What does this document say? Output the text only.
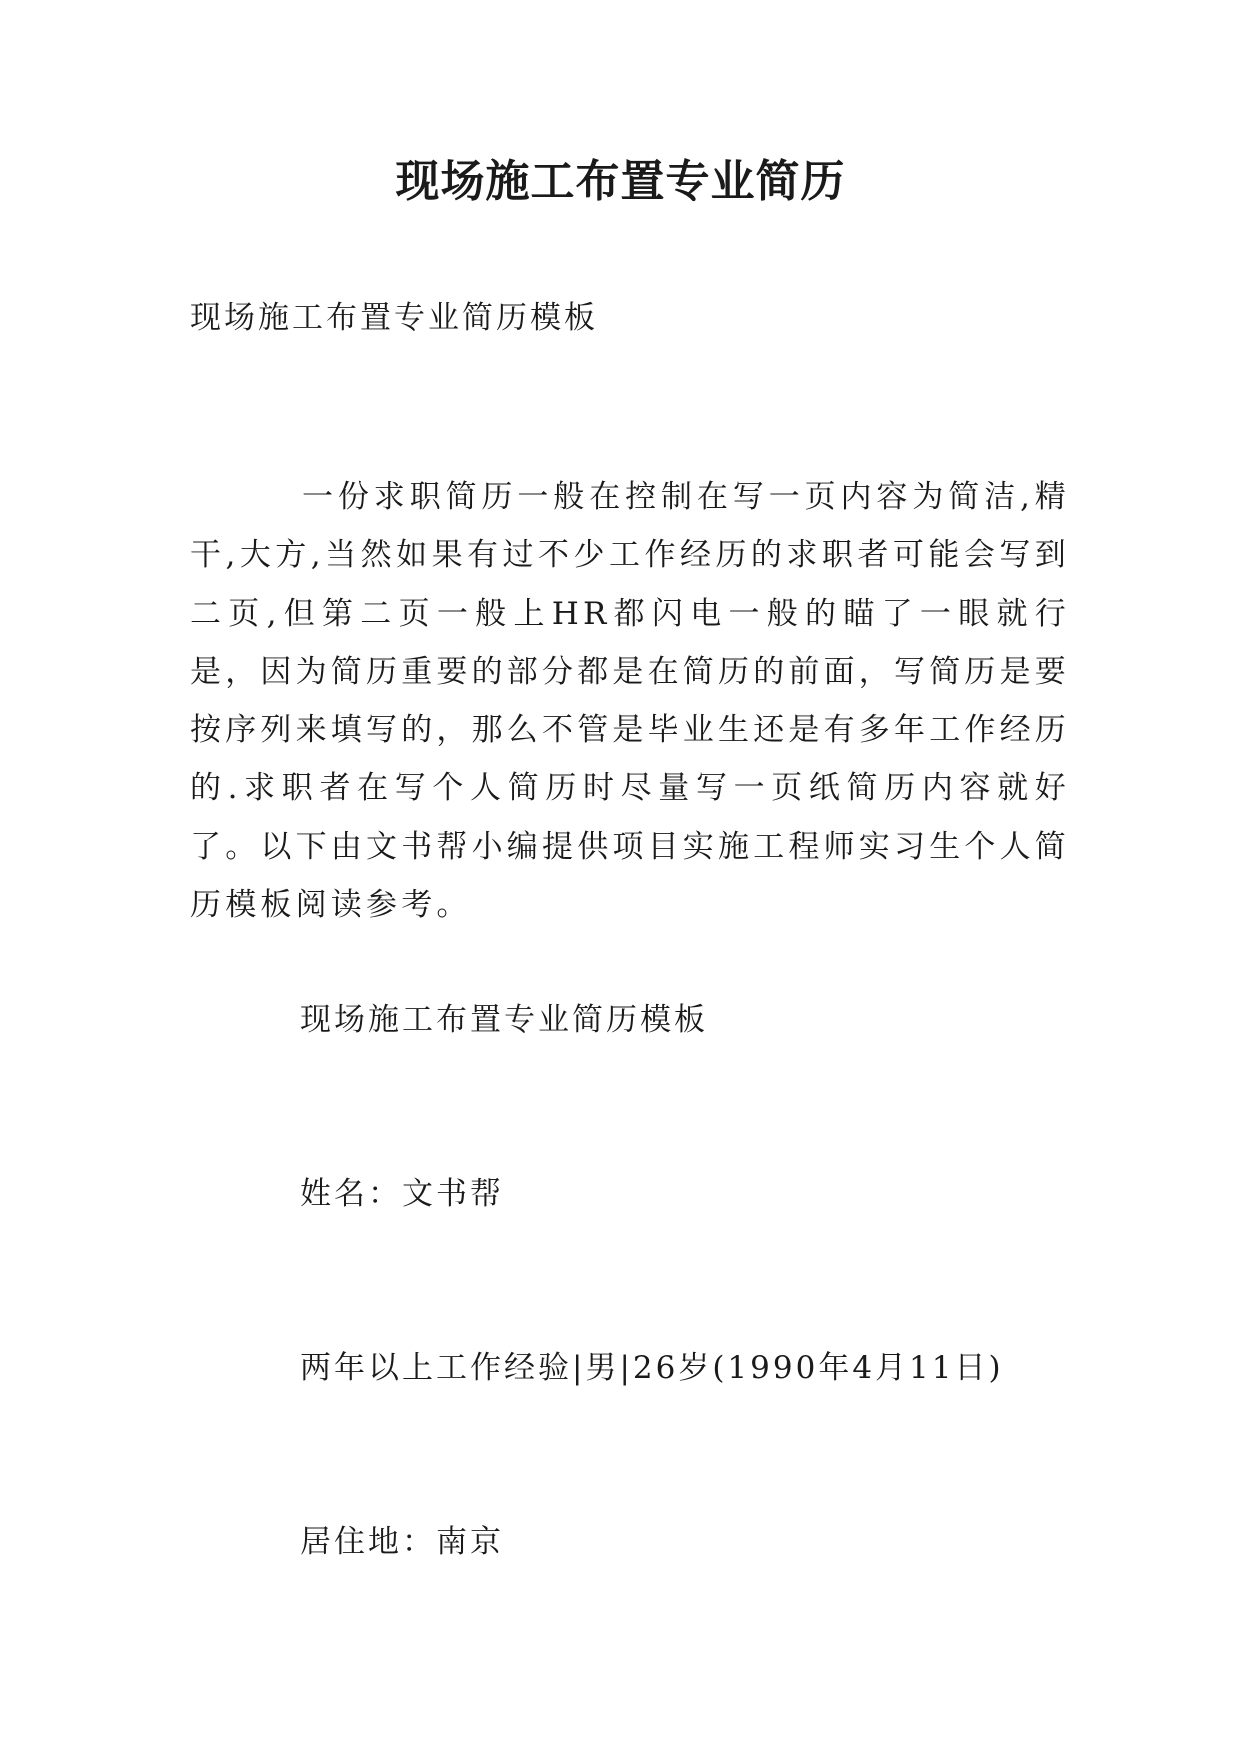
现场施工布置专业简历

现场施工布置专业简历模板

一份求职简历一般在控制在写一页内容为简洁,精干,大方,当然如果有过不少工作经历的求职者可能会写到二页,但第二页一般上HR都闪电一般的瞄了一眼就行是，因为简历重要的部分都是在简历的前面，写简历是要按序列来填写的，那么不管是毕业生还是有多年工作经历的.求职者在写个人简历时尽量写一页纸简历内容就好了。以下由文书帮小编提供项目实施工程师实习生个人简历模板阅读参考。

现场施工布置专业简历模板

姓名：文书帮

两年以上工作经验|男|26岁(1990年4月11日)

居住地：南京
